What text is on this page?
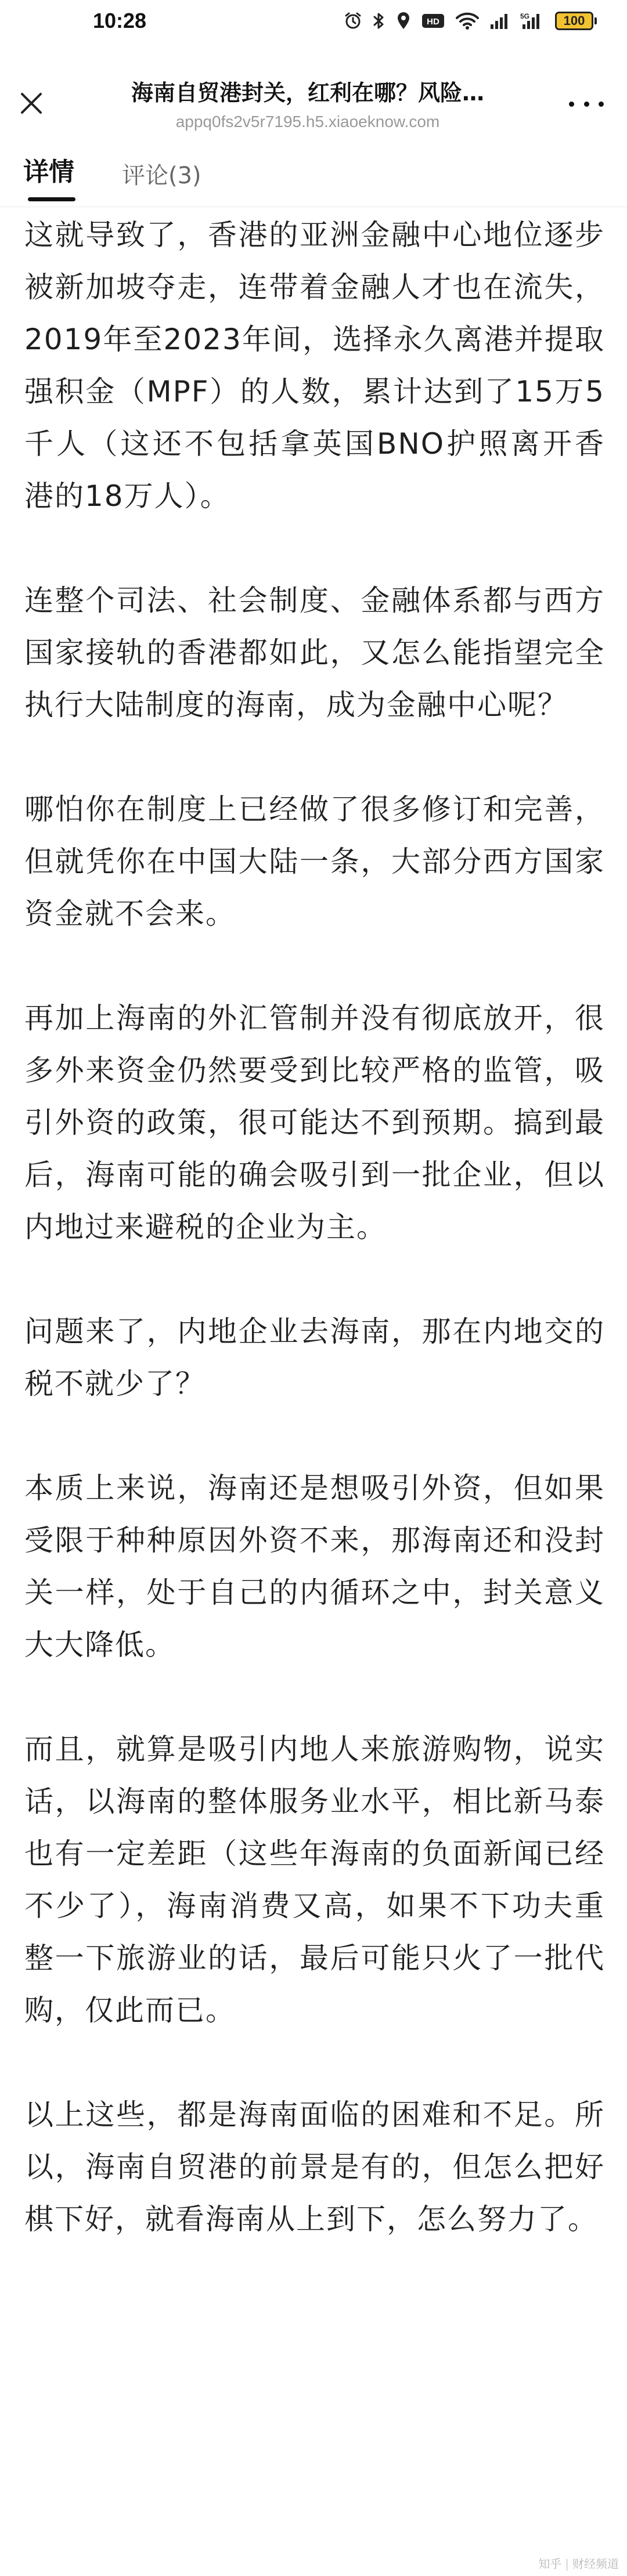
10:28	HD
5G	100
海南自贸港封关，红利在哪？风险…
appq0fs2v5r7195.h5.xiaoeknow.com
详情 评论(3)

这就导致了，香港的亚洲金融中心地位逐步被新加坡夺走，连带着金融人才也在流失，2019年至2023年间，选择永久离港并提取强积金（MPF）的人数，累计达到了15万5千人（这还不包括拿英国BNO护照离开香港的18万人）。

连整个司法、社会制度、金融体系都与西方国家接轨的香港都如此，又怎么能指望完全执行大陆制度的海南，成为金融中心呢？

哪怕你在制度上已经做了很多修订和完善，但就凭你在中国大陆一条，大部分西方国家资金就不会来。

再加上海南的外汇管制并没有彻底放开，很多外来资金仍然要受到比较严格的监管，吸引外资的政策，很可能达不到预期。搞到最后，海南可能的确会吸引到一批企业，但以内地过来避税的企业为主。

问题来了，内地企业去海南，那在内地交的税不就少了？

本质上来说，海南还是想吸引外资，但如果受限于种种原因外资不来，那海南还和没封关一样，处于自己的内循环之中，封关意义大大降低。

而且，就算是吸引内地人来旅游购物，说实话，以海南的整体服务业水平，相比新马泰也有一定差距（这些年海南的负面新闻已经不少了），海南消费又高，如果不下功夫重整一下旅游业的话，最后可能只火了一批代购，仅此而已。

以上这些，都是海南面临的困难和不足。所以，海南自贸港的前景是有的，但怎么把好棋下好，就看海南从上到下，怎么努力了。

知乎 | 财经频道
